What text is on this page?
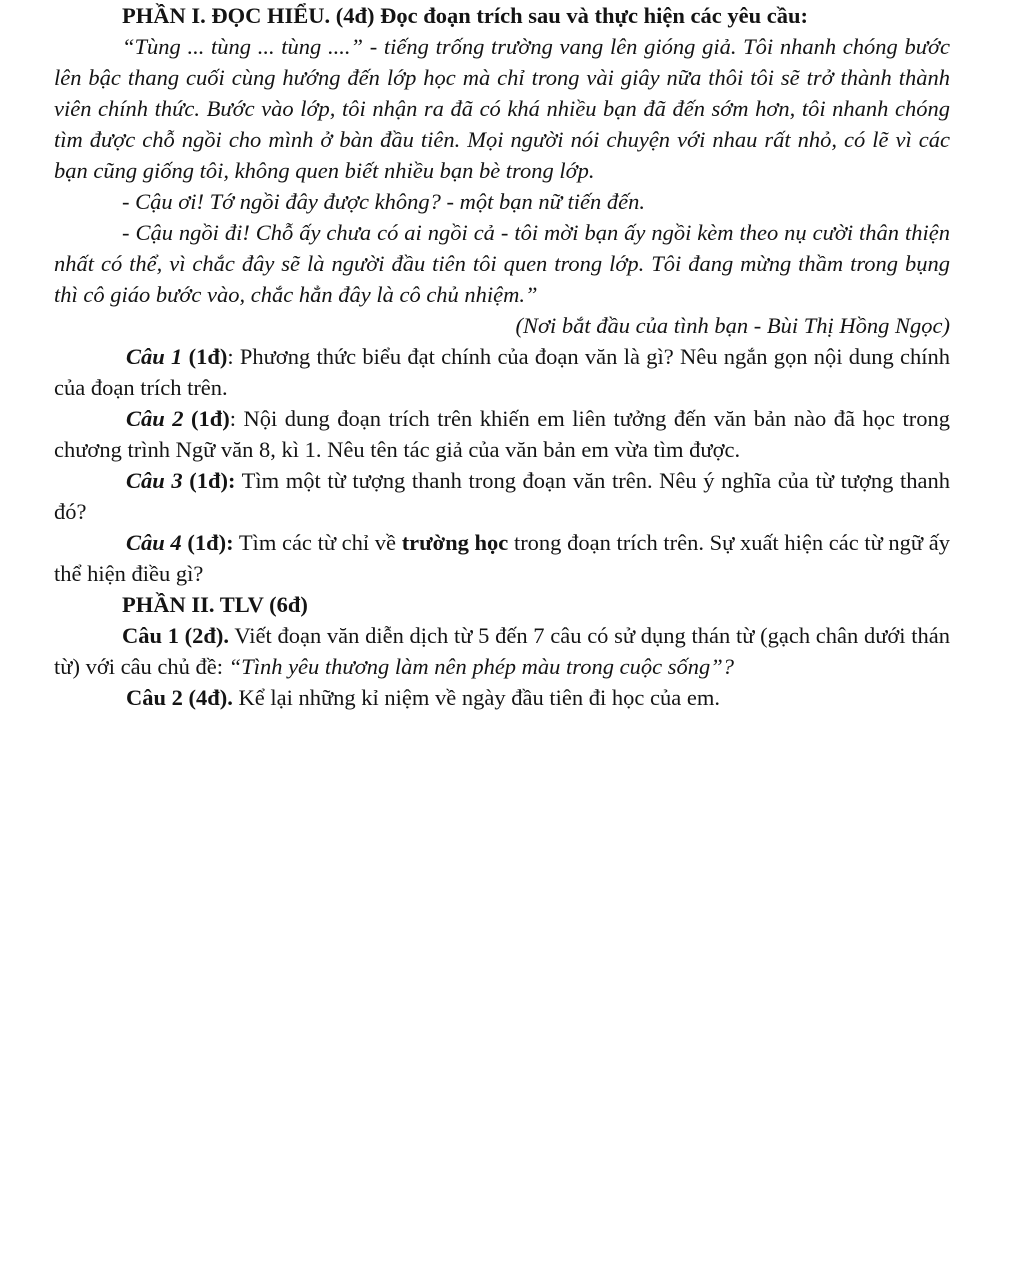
PHẦN I. ĐỌC HIỂU. (4đ) Đọc đoạn trích sau và thực hiện các yêu cầu:

“Tùng ... tùng ... tùng ....” - tiếng trống trường vang lên gióng giả. Tôi nhanh chóng bước lên bậc thang cuối cùng hướng đến lớp học mà chỉ trong vài giây nữa thôi tôi sẽ trở thành thành viên chính thức. Bước vào lớp, tôi nhận ra đã có khá nhiều bạn đã đến sớm hơn, tôi nhanh chóng tìm được chỗ ngồi cho mình ở bàn đầu tiên. Mọi người nói chuyện với nhau rất nhỏ, có lẽ vì các bạn cũng giống tôi, không quen biết nhiều bạn bè trong lớp.

- Cậu ơi! Tớ ngồi đây được không? - một bạn nữ tiến đến.

- Cậu ngồi đi! Chỗ ấy chưa có ai ngồi cả - tôi mời bạn ấy ngồi kèm theo nụ cười thân thiện nhất có thể, vì chắc đây sẽ là người đầu tiên tôi quen trong lớp. Tôi đang mừng thầm trong bụng thì cô giáo bước vào, chắc hẳn đây là cô chủ nhiệm.”

(Nơi bắt đầu của tình bạn - Bùi Thị Hồng Ngọc)

Câu 1 (1đ): Phương thức biểu đạt chính của đoạn văn là gì? Nêu ngắn gọn nội dung chính của đoạn trích trên.

Câu 2 (1đ): Nội dung đoạn trích trên khiến em liên tưởng đến văn bản nào đã học trong chương trình Ngữ văn 8, kì 1. Nêu tên tác giả của văn bản em vừa tìm được.

Câu 3 (1đ): Tìm một từ tượng thanh trong đoạn văn trên. Nêu ý nghĩa của từ tượng thanh đó?

Câu 4 (1đ): Tìm các từ chỉ về trường học trong đoạn trích trên. Sự xuất hiện các từ ngữ ấy thể hiện điều gì?

PHẦN II. TLV (6đ)

Câu 1 (2đ). Viết đoạn văn diễn dịch từ 5 đến 7 câu có sử dụng thán từ (gạch chân dưới thán từ) với câu chủ đề: “Tình yêu thương làm nên phép màu trong cuộc sống”?

Câu 2 (4đ). Kể lại những kỉ niệm về ngày đầu tiên đi học của em.
